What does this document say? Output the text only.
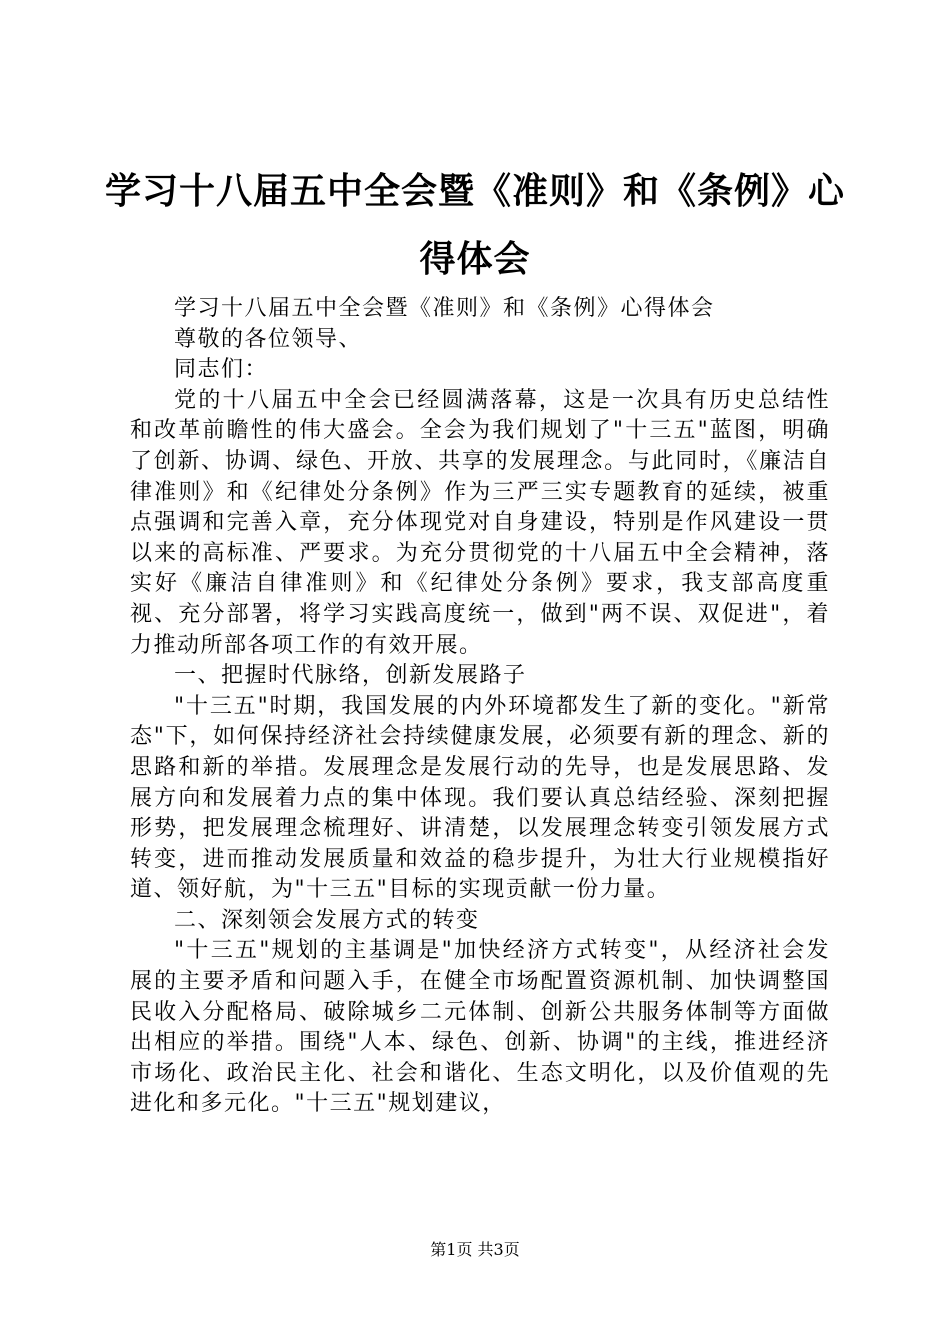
学习十八届五中全会暨《准则》和《条例》心得体会

学习十八届五中全会暨《准则》和《条例》心得体会

尊敬的各位领导、

同志们：

党的十八届五中全会已经圆满落幕，这是一次具有历史总结性和改革前瞻性的伟大盛会。全会为我们规划了"十三五"蓝图，明确了创新、协调、绿色、开放、共享的发展理念。与此同时，《廉洁自律准则》和《纪律处分条例》作为三严三实专题教育的延续，被重点强调和完善入章，充分体现党对自身建设，特别是作风建设一贯以来的高标准、严要求。为充分贯彻党的十八届五中全会精神，落实好《廉洁自律准则》和《纪律处分条例》要求，我支部高度重视、充分部署，将学习实践高度统一，做到"两不误、双促进"，着力推动所部各项工作的有效开展。

一、把握时代脉络，创新发展路子

"十三五"时期，我国发展的内外环境都发生了新的变化。"新常态"下，如何保持经济社会持续健康发展，必须要有新的理念、新的思路和新的举措。发展理念是发展行动的先导，也是发展思路、发展方向和发展着力点的集中体现。我们要认真总结经验、深刻把握形势，把发展理念梳理好、讲清楚，以发展理念转变引领发展方式转变，进而推动发展质量和效益的稳步提升，为壮大行业规模指好道、领好航，为"十三五"目标的实现贡献一份力量。

二、深刻领会发展方式的转变

"十三五"规划的主基调是"加快经济方式转变"，从经济社会发展的主要矛盾和问题入手，在健全市场配置资源机制、加快调整国民收入分配格局、破除城乡二元体制、创新公共服务体制等方面做出相应的举措。围绕"人本、绿色、创新、协调"的主线，推进经济市场化、政治民主化、社会和谐化、生态文明化，以及价值观的先进化和多元化。"十三五"规划建议，

第1页 共3页
